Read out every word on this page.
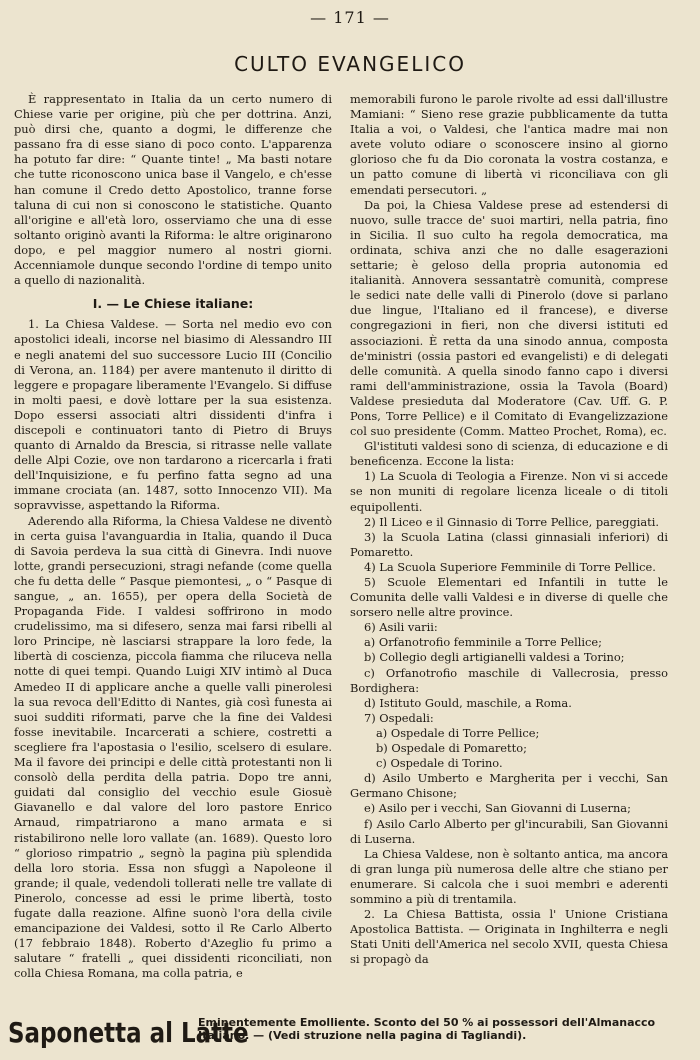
— 171 —
CULTO EVANGELICO

È rappresentato in Italia da un certo numero di Chiese varie per origine, più che per dottrina. Anzi, può dirsi che, quanto a dogmi, le differenze che passano fra di esse siano di poco conto. L'apparenza ha potuto far dire: “ Quante tinte! „ Ma basti notare che tutte riconoscono unica base il Vangelo, e ch'esse han comune il Credo detto Apostolico, tranne forse taluna di cui non si conoscono le statistiche. Quanto all'origine e all'età loro, osserviamo che una di esse soltanto originò avanti la Riforma: le altre originarono dopo, e pel maggior numero al nostri giorni. Accenniamole dunque secondo l'ordine di tempo unito a quello di nazionalità.

I. — Le Chiese italiane:

1. La Chiesa Valdese. — Sorta nel medio evo con apostolici ideali, incorse nel biasimo di Alessandro III e negli anatemi del suo successore Lucio III (Concilio di Verona, an. 1184) per avere mantenuto il diritto di leggere e propagare liberamente l'Evangelo. Si diffuse in molti paesi, e dovè lottare per la sua esistenza. Dopo essersi associati altri dissidenti d'infra i discepoli e continuatori tanto di Pietro di Bruys quanto di Arnaldo da Brescia, si ritrasse nelle vallate delle Alpi Cozie, ove non tardarono a ricercarla i frati dell'Inquisizione, e fu perfino fatta segno ad una immane crociata (an. 1487, sotto Innocenzo VII). Ma sopravvisse, aspettando la Riforma.

Aderendo alla Riforma, la Chiesa Valdese ne diventò in certa guisa l'avanguardia in Italia, quando il Duca di Savoia perdeva la sua città di Ginevra. Indi nuove lotte, grandi persecuzioni, stragi nefande (come quella che fu detta delle “ Pasque piemontesi, „ o “ Pasque di sangue, „ an. 1655), per opera della Società de Propaganda Fide. I valdesi soffrirono in modo crudelissimo, ma si difesero, senza mai farsi ribelli al loro Principe, nè lasciarsi strappare la loro fede, la libertà di coscienza, piccola fiamma che riluceva nella notte di quei tempi. Quando Luigi XIV intimò al Duca Amedeo II di applicare anche a quelle valli pinerolesi la sua revoca dell'Editto di Nantes, già così funesta ai suoi sudditi riformati, parve che la fine dei Valdesi fosse inevitabile. Incarcerati a schiere, costretti a scegliere fra l'apostasia o l'esilio, scelsero di esulare. Ma il favore dei principi e delle città protestanti non li consolò della perdita della patria. Dopo tre anni, guidati dal consiglio del vecchio esule Giosuè Giavanello e dal valore del loro pastore Enrico Arnaud, rimpatriarono a mano armata e si ristabilirono nelle loro vallate (an. 1689). Questo loro “ glorioso rimpatrio „ segnò la pagina più splendida della loro storia. Essa non sfuggì a Napoleone il grande; il quale, vedendoli tollerati nelle tre vallate di Pinerolo, concesse ad essi le prime libertà, tosto fugate dalla reazione. Alfine suonò l'ora della civile emancipazione dei Valdesi, sotto il Re Carlo Alberto (17 febbraio 1848). Roberto d'Azeglio fu primo a salutare “ fratelli „ quei dissidenti riconciliati, non colla Chiesa Romana, ma colla patria, e

memorabili furono le parole rivolte ad essi dall'illustre Mamiani: “ Sieno rese grazie pubblicamente da tutta Italia a voi, o Valdesi, che l'antica madre mai non avete voluto odiare o sconoscere insino al giorno glorioso che fu da Dio coronata la vostra costanza, e un patto comune di libertà vi riconciliava con gli emendati persecutori. „

Da poi, la Chiesa Valdese prese ad estendersi di nuovo, sulle tracce de' suoi martiri, nella patria, fino in Sicilia. Il suo culto ha regola democratica, ma ordinata, schiva anzi che no dalle esagerazioni settarie; è geloso della propria autonomia ed italianità. Annovera sessantatrè comunità, comprese le sedici nate delle valli di Pinerolo (dove si parlano due lingue, l'Italiano ed il francese), e diverse congregazioni in fieri, non che diversi istituti ed associazioni. È retta da una sinodo annua, composta de'ministri (ossia pastori ed evangelisti) e di delegati delle comunità. A quella sinodo fanno capo i diversi rami dell'amministrazione, ossia la Tavola (Board) Valdese presieduta dal Moderatore (Cav. Uff. G. P. Pons, Torre Pellice) e il Comitato di Evangelizzazione col suo presidente (Comm. Matteo Prochet, Roma), ec.

Gl'istituti valdesi sono di scienza, di educazione e di beneficenza. Eccone la lista:

1) La Scuola di Teologia a Firenze. Non vi si accede se non muniti di regolare licenza liceale o di titoli equipollenti.

2) Il Liceo e il Ginnasio di Torre Pellice, pareggiati.

3) la Scuola Latina (classi ginnasiali inferiori) di Pomaretto.

4) La Scuola Superiore Femminile di Torre Pellice.

5) Scuole Elementari ed Infantili in tutte le Comunita delle valli Valdesi e in diverse di quelle che sorsero nelle altre province.

6) Asili varii:

a) Orfanotrofio femminile a Torre Pellice;

b) Collegio degli artigianelli valdesi a Torino;

c) Orfanotrofio maschile di Vallecrosia, presso Bordighera:

d) Istituto Gould, maschile, a Roma.

7) Ospedali:

a) Ospedale di Torre Pellice;

b) Ospedale di Pomaretto;

c) Ospedale di Torino.

d) Asilo Umberto e Margherita per i vecchi, San Germano Chisone;

e) Asilo per i vecchi, San Giovanni di Luserna;

f) Asilo Carlo Alberto per gl'incurabili, San Giovanni di Luserna.

La Chiesa Valdese, non è soltanto antica, ma ancora di gran lunga più numerosa delle altre che stiano per enumerare. Si calcola che i suoi membri e aderenti sommino a più di trentamila.

2. La Chiesa Battista, ossia l' Unione Cristiana Apostolica Battista. — Originata in Inghilterra e negli Stati Uniti dell'America nel secolo XVII, questa Chiesa si propagò da

Saponetta al Latte
Eminentemente Emolliente. Sconto del 50 % ai possessori dell'Almanacco
Italiano. — (Vedi struzione nella pagina di Tagliandi).
